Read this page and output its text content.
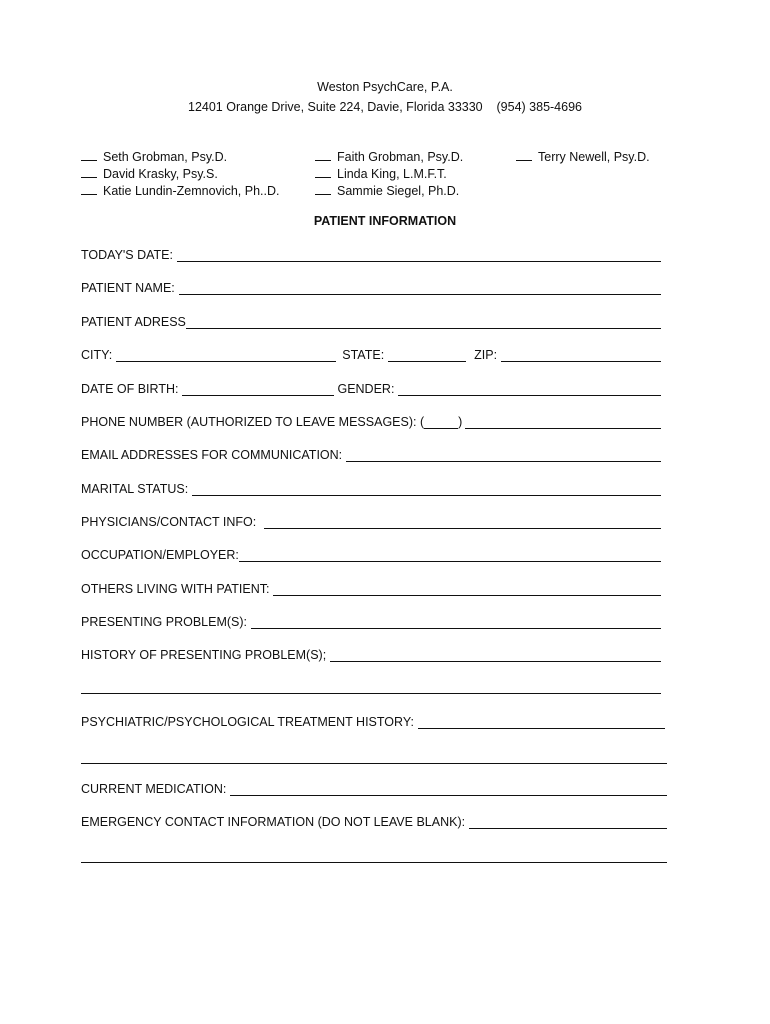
Weston PsychCare, P.A.
12401 Orange Drive, Suite 224, Davie, Florida 33330    (954) 385-4696
Seth Grobman, Psy.D.
David Krasky, Psy.S.
Katie Lundin-Zemnovich, Ph..D.
Faith Grobman, Psy.D.
Linda King, L.M.F.T.
Sammie Siegel, Ph.D.
Terry Newell, Psy.D.
PATIENT INFORMATION
TODAY'S DATE:
PATIENT NAME:
PATIENT ADRESS
CITY:	STATE:	ZIP:
DATE OF BIRTH:	GENDER:
PHONE NUMBER (AUTHORIZED TO LEAVE MESSAGES): (	)
EMAIL ADDRESSES FOR COMMUNICATION:
MARITAL STATUS:
PHYSICIANS/CONTACT INFO:
OCCUPATION/EMPLOYER:
OTHERS LIVING WITH PATIENT:
PRESENTING PROBLEM(S):
HISTORY OF PRESENTING PROBLEM(S);
PSYCHIATRIC/PSYCHOLOGICAL TREATMENT HISTORY:
CURRENT MEDICATION:
EMERGENCY CONTACT INFORMATION (DO NOT LEAVE BLANK):
